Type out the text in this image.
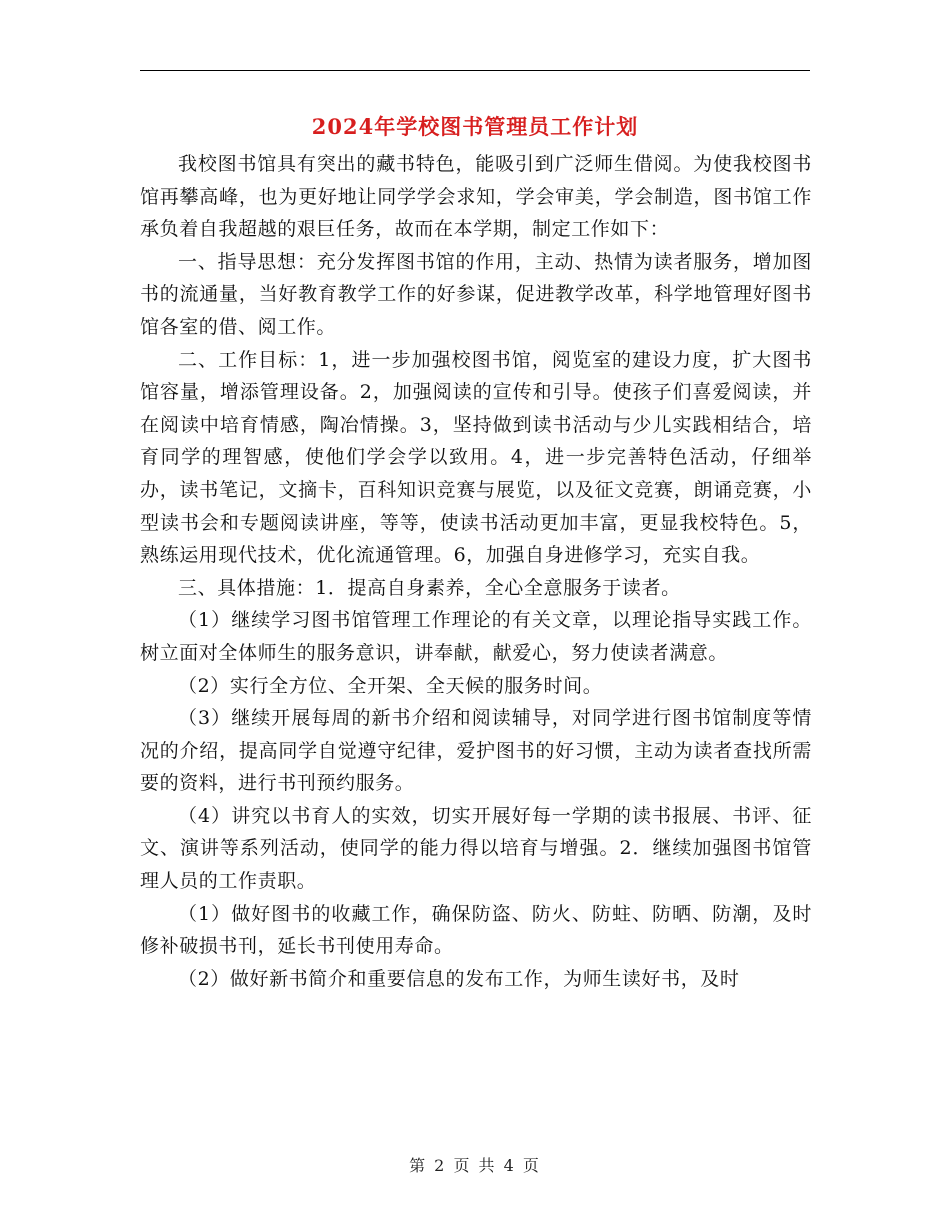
2024年学校图书管理员工作计划

我校图书馆具有突出的藏书特色，能吸引到广泛师生借阅。为使我校图书馆再攀高峰，也为更好地让同学学会求知，学会审美，学会制造，图书馆工作承负着自我超越的艰巨任务，故而在本学期，制定工作如下：

一、指导思想：充分发挥图书馆的作用，主动、热情为读者服务，增加图书的流通量，当好教育教学工作的好参谋，促进教学改革，科学地管理好图书馆各室的借、阅工作。

二、工作目标：1，进一步加强校图书馆，阅览室的建设力度，扩大图书馆容量，增添管理设备。2，加强阅读的宣传和引导。使孩子们喜爱阅读，并在阅读中培育情感，陶冶情操。3，坚持做到读书活动与少儿实践相结合，培育同学的理智感，使他们学会学以致用。4，进一步完善特色活动，仔细举办，读书笔记，文摘卡，百科知识竞赛与展览，以及征文竞赛，朗诵竞赛，小型读书会和专题阅读讲座，等等，使读书活动更加丰富，更显我校特色。5，熟练运用现代技术，优化流通管理。6，加强自身进修学习，充实自我。

三、具体措施：1．提高自身素养，全心全意服务于读者。

（1）继续学习图书馆管理工作理论的有关文章，以理论指导实践工作。树立面对全体师生的服务意识，讲奉献，献爱心，努力使读者满意。

（2）实行全方位、全开架、全天候的服务时间。

（3）继续开展每周的新书介绍和阅读辅导，对同学进行图书馆制度等情况的介绍，提高同学自觉遵守纪律，爱护图书的好习惯，主动为读者查找所需要的资料，进行书刊预约服务。

（4）讲究以书育人的实效，切实开展好每一学期的读书报展、书评、征文、演讲等系列活动，使同学的能力得以培育与增强。2．继续加强图书馆管理人员的工作责职。

（1）做好图书的收藏工作，确保防盗、防火、防蛀、防晒、防潮，及时修补破损书刊，延长书刊使用寿命。

（2）做好新书简介和重要信息的发布工作，为师生读好书，及时

第 2 页 共 4 页
